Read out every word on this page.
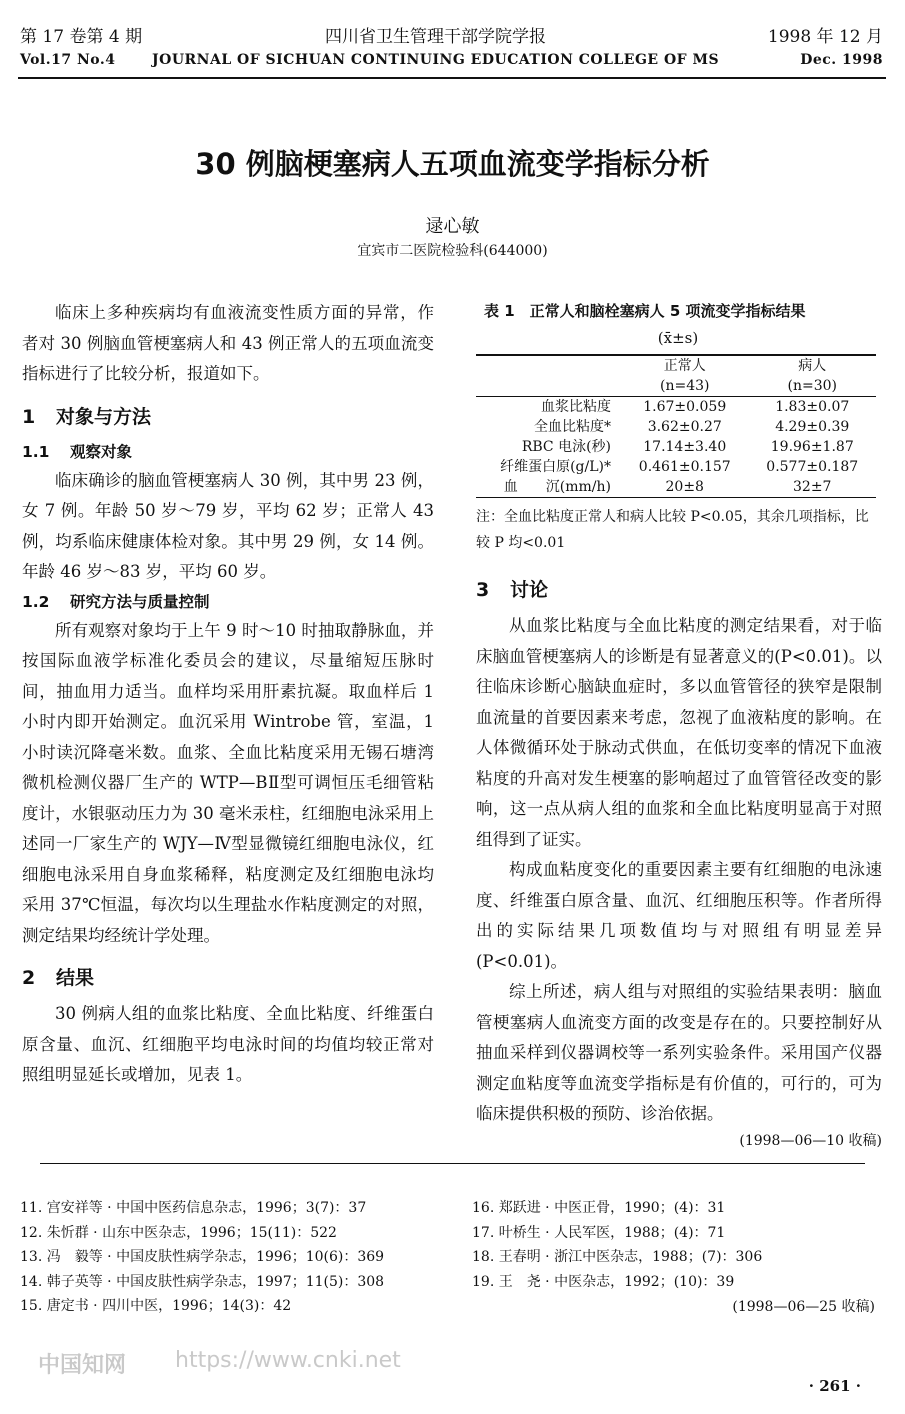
第 17 卷第 4 期	四川省卫生管理干部学院学报	1998 年 12 月
Vol.17 No.4	JOURNAL OF SICHUAN CONTINUING EDUCATION COLLEGE OF MS	Dec. 1998
30 例脑梗塞病人五项血流变学指标分析
逯心敏
宜宾市二医院检验科(644000)

临床上多种疾病均有血液流变性质方面的异常，作者对 30 例脑血管梗塞病人和 43 例正常人的五项血流变指标进行了比较分析，报道如下。

1 对象与方法
1.1 观察对象

临床确诊的脑血管梗塞病人 30 例，其中男 23 例，女 7 例。年龄 50 岁～79 岁，平均 62 岁；正常人 43 例，均系临床健康体检对象。其中男 29 例，女 14 例。年龄 46 岁～83 岁，平均 60 岁。

1.2 研究方法与质量控制

所有观察对象均于上午 9 时～10 时抽取静脉血，并按国际血液学标准化委员会的建议，尽量缩短压脉时间，抽血用力适当。血样均采用肝素抗凝。取血样后 1 小时内即开始测定。血沉采用 Wintrobe 管，室温，1 小时读沉降毫米数。血浆、全血比粘度采用无锡石塘湾微机检测仪器厂生产的 WTP—BⅡ型可调恒压毛细管粘度计，水银驱动压力为 30 毫米汞柱，红细胞电泳采用上述同一厂家生产的 WJY—Ⅳ型显微镜红细胞电泳仪，红细胞电泳采用自身血浆稀释，粘度测定及红细胞电泳均采用 37℃恒温，每次均以生理盐水作粘度测定的对照，测定结果均经统计学处理。

2 结果

30 例病人组的血浆比粘度、全血比粘度、纤维蛋白原含量、血沉、红细胞平均电泳时间的均值均较正常对照组明显延长或增加，见表 1。

表 1　正常人和脑栓塞病人 5 项流变学指标结果
(x̄±s)
	正常人	病人
	(n=43)	(n=30)
血浆比粘度	1.67±0.059	1.83±0.07
全血比粘度*	3.62±0.27	4.29±0.39
RBC 电泳(秒)	17.14±3.40	19.96±1.87
纤维蛋白原(g/L)*	0.461±0.157	0.577±0.187
血　　沉(mm/h)	20±8	32±7
注：全血比粘度正常人和病人比较 P<0.05，其余几项指标，比较 P 均<0.01
3 讨论

从血浆比粘度与全血比粘度的测定结果看，对于临床脑血管梗塞病人的诊断是有显著意义的(P<0.01)。以往临床诊断心脑缺血症时，多以血管管径的狭窄是限制血流量的首要因素来考虑，忽视了血液粘度的影响。在人体微循环处于脉动式供血，在低切变率的情况下血液粘度的升高对发生梗塞的影响超过了血管管径改变的影响，这一点从病人组的血浆和全血比粘度明显高于对照组得到了证实。

构成血粘度变化的重要因素主要有红细胞的电泳速度、纤维蛋白原含量、血沉、红细胞压积等。作者所得出的实际结果几项数值均与对照组有明显差异(P<0.01)。

综上所述，病人组与对照组的实验结果表明：脑血管梗塞病人血流变方面的改变是存在的。只要控制好从抽血采样到仪器调校等一系列实验条件。采用国产仪器测定血粘度等血流变学指标是有价值的，可行的，可为临床提供积极的预防、诊治依据。

(1998—06—10 收稿)
11. 宫安祥等 · 中国中医药信息杂志，1996；3(7)：37
12. 朱忻群 · 山东中医杂志，1996；15(11)：522
13. 冯　毅等 · 中国皮肤性病学杂志，1996；10(6)：369
14. 韩子英等 · 中国皮肤性病学杂志，1997；11(5)：308
15. 唐定书 · 四川中医，1996；14(3)：42
16. 郑跃进 · 中医正骨，1990；(4)：31
17. 叶桥生 · 人民军医，1988；(4)：71
18. 王春明 · 浙江中医杂志，1988；(7)：306
19. 王　尧 · 中医杂志，1992；(10)：39
(1998—06—25 收稿)
中国知网 https://www.cnki.net
· 261 ·
